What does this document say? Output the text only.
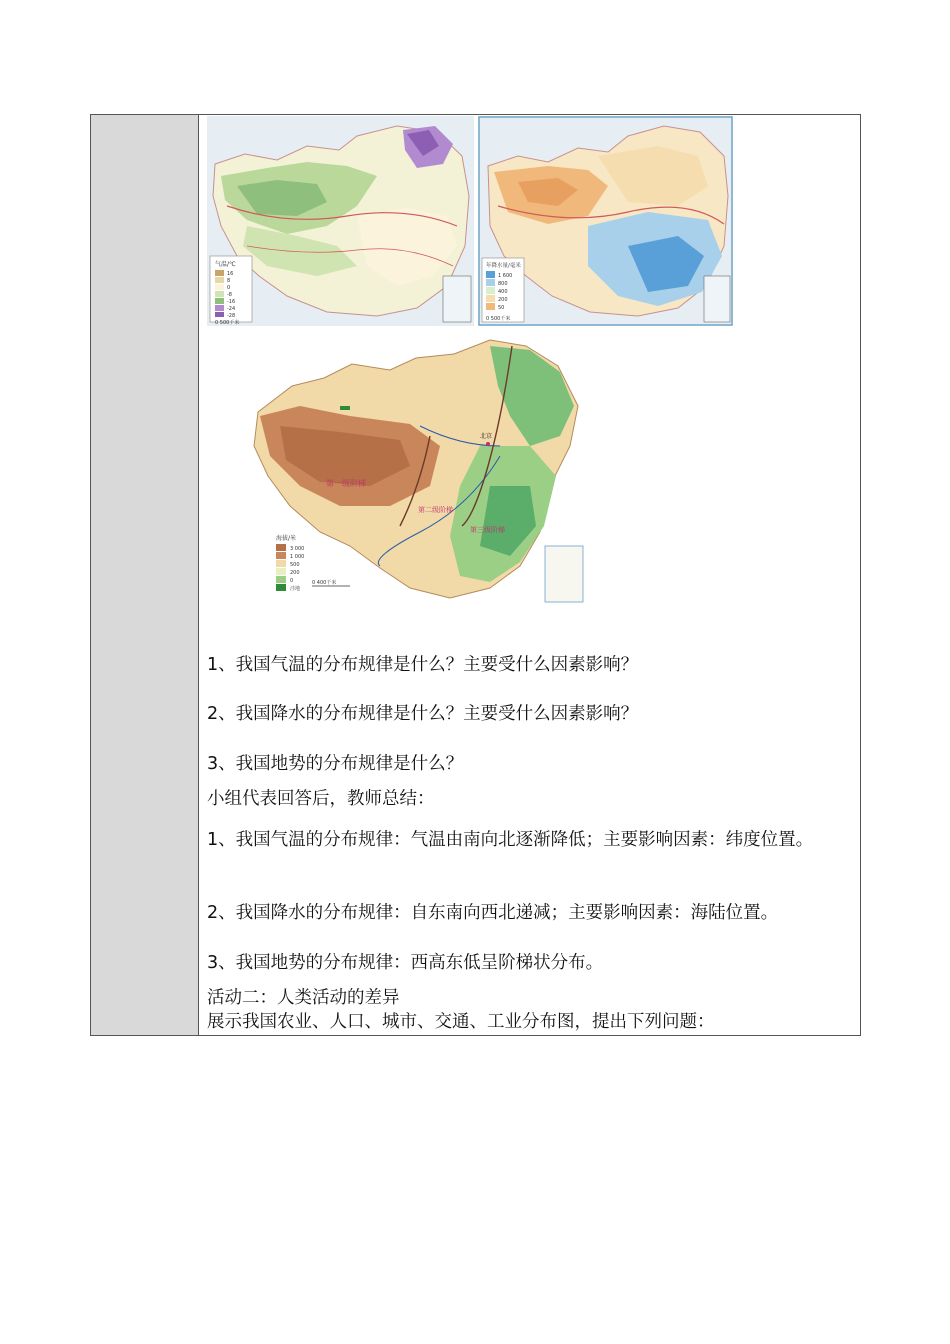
气温/℃
16
8
0
-8
-16
-24
-28
0 500千米
年降水量/毫米
1 600
800
400
200
50
0 500千米
第一级阶梯
第二级阶梯
第三级阶梯
北京
海拔/米
3 000
1 000
500
200
0
洼地
0 400千米
1、我国气温的分布规律是什么？主要受什么因素影响？
2、我国降水的分布规律是什么？主要受什么因素影响？
3、我国地势的分布规律是什么？
小组代表回答后，教师总结：
1、我国气温的分布规律：气温由南向北逐渐降低；主要影响因素：纬度位置。
2、我国降水的分布规律：自东南向西北递减；主要影响因素：海陆位置。
3、我国地势的分布规律：西高东低呈阶梯状分布。
活动二：人类活动的差异
展示我国农业、人口、城市、交通、工业分布图，提出下列问题：
